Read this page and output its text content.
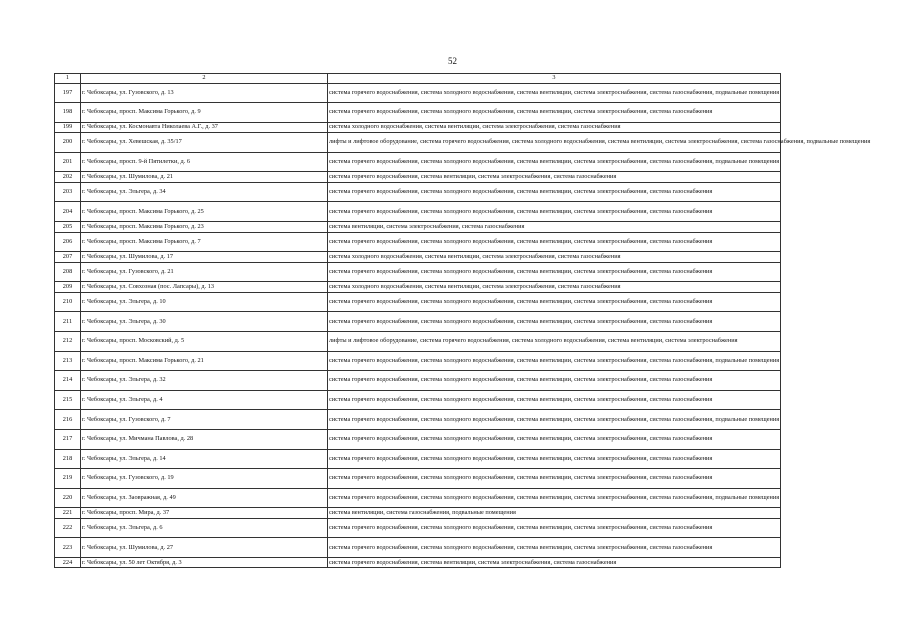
52
1	2	3
197	г. Чебоксары, ул. Гузовского, д. 13	система горячего водоснабжения, система холодного водоснабжения, система вентиляции, система электроснабжения, система газоснабжения, подвальные помещения
198	г. Чебоксары, просп. Максима Горького, д. 9	система горячего водоснабжения, система холодного водоснабжения, система вентиляции, система электроснабжения, система газоснабжения
199	г. Чебоксары, ул. Космонавта Николаева А.Г., д. 37	система холодного водоснабжения, система вентиляции, система электроснабжения, система газоснабжения
200	г. Чебоксары, ул. Хевешская, д. 35/17	лифты и лифтовое оборудование, система горячего водоснабжения, система холодного водоснабжения, система вентиляции, система электроснабжения, система газоснабжения, подвальные помещения
201	г. Чебоксары, просп. 9-й Пятилетки, д. 6	система горячего водоснабжения, система холодного водоснабжения, система вентиляции, система электроснабжения, система газоснабжения, подвальные помещения
202	г. Чебоксары, ул. Шумилова, д. 21	система горячего водоснабжения, система вентиляции, система электроснабжения, система газоснабжения
203	г. Чебоксары, ул. Эльгера, д. 34	система горячего водоснабжения, система холодного водоснабжения, система вентиляции, система электроснабжения, система газоснабжения
204	г. Чебоксары, просп. Максима Горького, д. 25	система горячего водоснабжения, система холодного водоснабжения, система вентиляции, система электроснабжения, система газоснабжения
205	г. Чебоксары, просп. Максима Горького, д. 23	система вентиляции, система электроснабжения, система газоснабжения
206	г. Чебоксары, просп. Максима Горького, д. 7	система горячего водоснабжения, система холодного водоснабжения, система вентиляции, система электроснабжения, система газоснабжения
207	г. Чебоксары, ул. Шумилова, д. 17	система холодного водоснабжения, система вентиляции, система электроснабжения, система газоснабжения
208	г. Чебоксары, ул. Гузовского, д. 21	система горячего водоснабжения, система холодного водоснабжения, система вентиляции, система электроснабжения, система газоснабжения
209	г. Чебоксары, ул. Совхозная (пос. Лапсары), д. 13	система холодного водоснабжения, система вентиляции, система электроснабжения, система газоснабжения
210	г. Чебоксары, ул. Эльгера, д. 10	система горячего водоснабжения, система холодного водоснабжения, система вентиляции, система электроснабжения, система газоснабжения
211	г. Чебоксары, ул. Эльгера, д. 30	система горячего водоснабжения, система холодного водоснабжения, система вентиляции, система электроснабжения, система газоснабжения
212	г. Чебоксары, просп. Московский, д. 5	лифты и лифтовое оборудование, система горячего водоснабжения, система холодного водоснабжения, система вентиляции, система электроснабжения
213	г. Чебоксары, просп. Максима Горького, д. 21	система горячего водоснабжения, система холодного водоснабжения, система вентиляции, система электроснабжения, система газоснабжения, подвальные помещения
214	г. Чебоксары, ул. Эльгера, д. 32	система горячего водоснабжения, система холодного водоснабжения, система вентиляции, система электроснабжения, система газоснабжения
215	г. Чебоксары, ул. Эльгера, д. 4	система горячего водоснабжения, система холодного водоснабжения, система вентиляции, система электроснабжения, система газоснабжения
216	г. Чебоксары, ул. Гузовского, д. 7	система горячего водоснабжения, система холодного водоснабжения, система вентиляции, система электроснабжения, система газоснабжения, подвальные помещения
217	г. Чебоксары, ул. Мичмана Павлова, д. 28	система горячего водоснабжения, система холодного водоснабжения, система вентиляции, система электроснабжения, система газоснабжения
218	г. Чебоксары, ул. Эльгера, д. 14	система горячего водоснабжения, система холодного водоснабжения, система вентиляции, система электроснабжения, система газоснабжения
219	г. Чебоксары, ул. Гузовского, д. 19	система горячего водоснабжения, система холодного водоснабжения, система вентиляции, система электроснабжения, система газоснабжения
220	г. Чебоксары, ул. Заовражная, д. 49	система горячего водоснабжения, система холодного водоснабжения, система вентиляции, система электроснабжения, система газоснабжения, подвальные помещения
221	г. Чебоксары, просп. Мира, д. 37	система вентиляции, система газоснабжения, подвальные помещения
222	г. Чебоксары, ул. Эльгера, д. 6	система горячего водоснабжения, система холодного водоснабжения, система вентиляции, система электроснабжения, система газоснабжения
223	г. Чебоксары, ул. Шумилова, д. 27	система горячего водоснабжения, система холодного водоснабжения, система вентиляции, система электроснабжения, система газоснабжения
224	г. Чебоксары, ул. 50 лет Октября, д. 3	система горячего водоснабжения, система вентиляции, система электроснабжения, система газоснабжения
